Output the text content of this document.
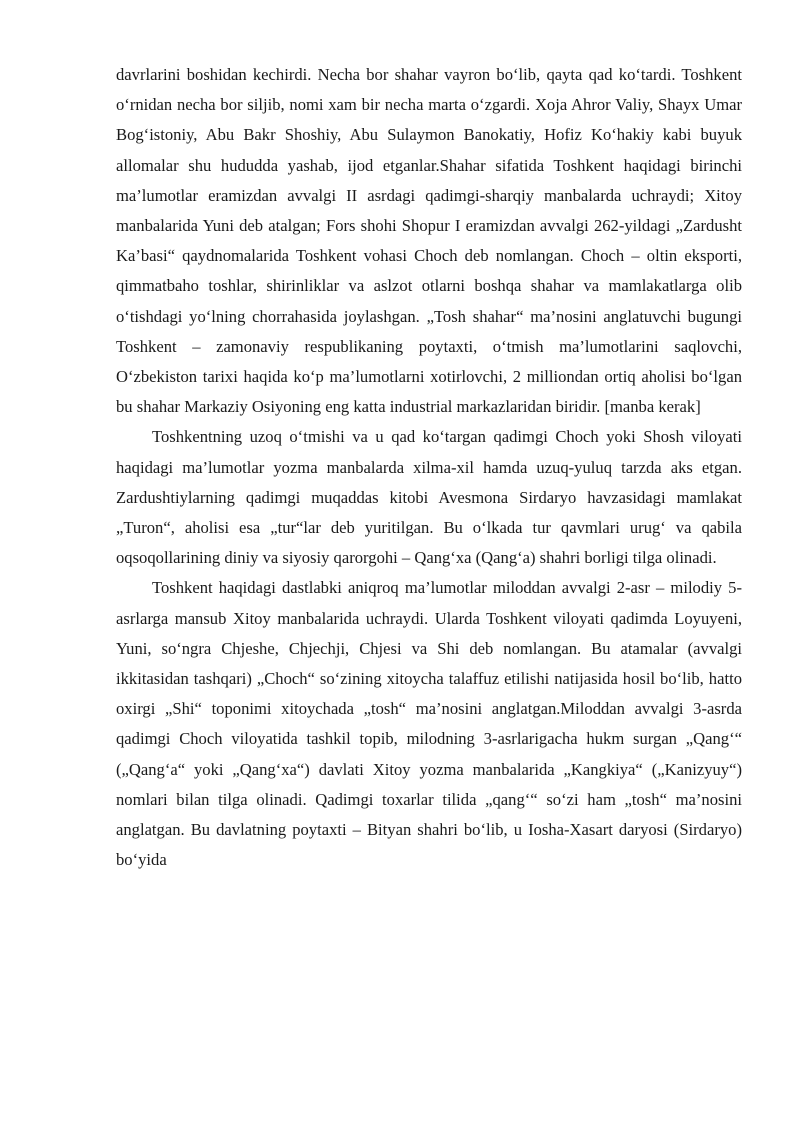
davrlarini boshidan kechirdi. Necha bor shahar vayron bo‘lib, qayta qad ko‘tardi. Toshkent o‘rnidan necha bor siljib, nomi xam bir necha marta o‘zgardi. Xoja Ahror Valiy, Shayx Umar Bog‘istoniy, Abu Bakr Shoshiy, Abu Sulaymon Banokatiy, Hofiz Ko‘hakiy kabi buyuk allomalar shu hududda yashab, ijod etganlar.Shahar sifatida Toshkent haqidagi birinchi ma’lumotlar eramizdan avvalgi II asrdagi qadimgi-sharqiy manbalarda uchraydi; Xitoy manbalarida Yuni deb atalgan; Fors shohi Shopur I eramizdan avvalgi 262-yildagi „Zardusht Ka’basi“ qaydnomalarida Toshkent vohasi Choch deb nomlangan. Choch – oltin eksporti, qimmatbaho toshlar, shirinliklar va aslzot otlarni boshqa shahar va mamlakatlarga olib o‘tishdagi yo‘lning chorrahasida joylashgan. „Tosh shahar“ ma’nosini anglatuvchi bugungi Toshkent – zamonaviy respublikaning poytaxti, o‘tmish ma’lumotlarini saqlovchi, O‘zbekiston tarixi haqida ko‘p ma’lumotlarni xotirlovchi, 2 milliondan ortiq aholisi bo‘lgan bu shahar Markaziy Osiyoning eng katta industrial markazlaridan biridir. [manba kerak]

Toshkentning uzoq o‘tmishi va u qad ko‘targan qadimgi Choch yoki Shosh viloyati haqidagi ma’lumotlar yozma manbalarda xilma-xil hamda uzuq-yuluq tarzda aks etgan. Zardushtiylarning qadimgi muqaddas kitobi Avesmona Sirdaryo havzasidagi mamlakat „Turon“, aholisi esa „tur“lar deb yuritilgan. Bu o‘lkada tur qavmlari urug‘ va qabila oqsoqollarining diniy va siyosiy qarorgohi – Qang‘xa (Qang‘a) shahri borligi tilga olinadi.

Toshkent haqidagi dastlabki aniqroq ma’lumotlar miloddan avvalgi 2-asr – milodiy 5-asrlarga mansub Xitoy manbalarida uchraydi. Ularda Toshkent viloyati qadimda Loyuyeni, Yuni, so‘ngra Chjeshe, Chjechji, Chjesi va Shi deb nomlangan. Bu atamalar (avvalgi ikkitasidan tashqari) „Choch“ so‘zining xitoycha talaffuz etilishi natijasida hosil bo‘lib, hatto oxirgi „Shi“ toponimi xitoychada „tosh“ ma’nosini anglatgan.Miloddan avvalgi 3-asrda qadimgi Choch viloyatida tashkil topib, milodning 3-asrlarigacha hukm surgan „Qang‘“ („Qang‘a“ yoki „Qang‘xa“) davlati Xitoy yozma manbalarida „Kangkiya“ („Kanizyuy“) nomlari bilan tilga olinadi. Qadimgi toxarlar tilida „qang‘“ so‘zi ham „tosh“ ma’nosini anglatgan. Bu davlatning poytaxti – Bityan shahri bo‘lib, u Iosha-Xasart daryosi (Sirdaryo) bo‘yida
